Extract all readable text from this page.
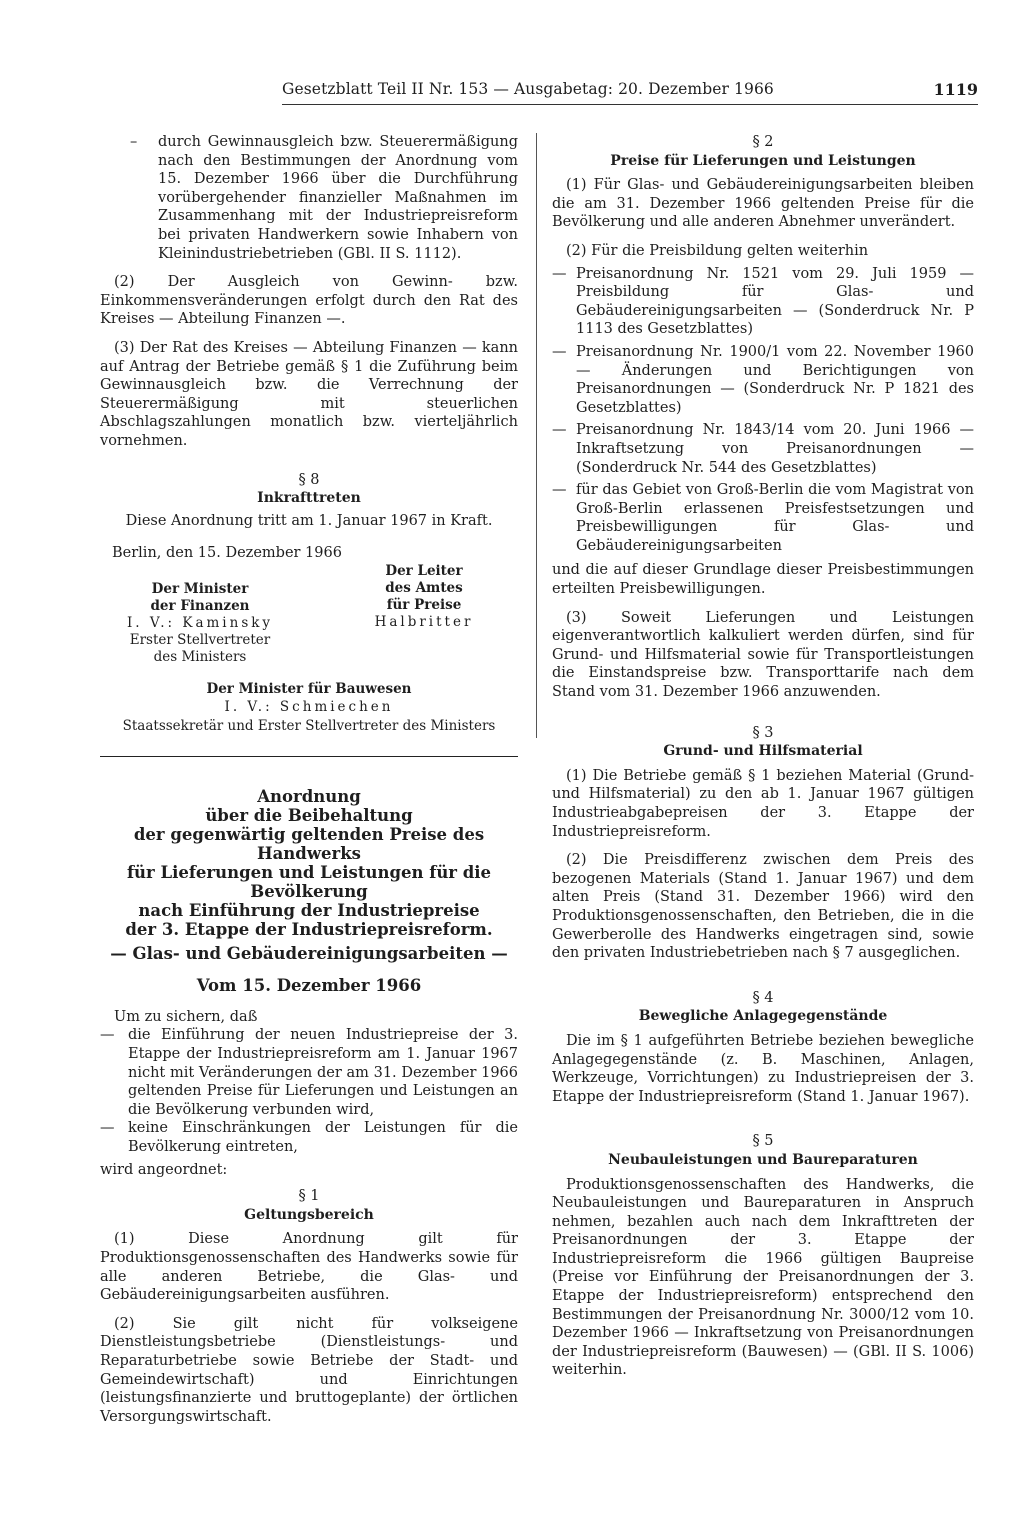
Gesetzblatt Teil II Nr. 153 — Ausgabetag: 20. Dezember 1966	1119

– durch Gewinnausgleich bzw. Steuerermäßigung nach den Bestimmungen der Anordnung vom 15. Dezember 1966 über die Durchführung vorübergehender finanzieller Maßnahmen im Zusammenhang mit der Industriepreisreform bei privaten Handwerkern sowie Inhabern von Kleinindustriebetrieben (GBl. II S. 1112).

(2) Der Ausgleich von Gewinn- bzw. Einkommensveränderungen erfolgt durch den Rat des Kreises — Abteilung Finanzen —.

(3) Der Rat des Kreises — Abteilung Finanzen — kann auf Antrag der Betriebe gemäß § 1 die Zuführung beim Gewinnausgleich bzw. die Verrechnung der Steuerermäßigung mit steuerlichen Abschlagszahlungen monatlich bzw. vierteljährlich vornehmen.

§ 8
Inkrafttreten

Diese Anordnung tritt am 1. Januar 1967 in Kraft.

Berlin, den 15. Dezember 1966

Der Minister
der Finanzen
I. V.: Kaminsky
Erster Stellvertreter
des Ministers
Der Leiter
des Amtes
für Preise
Halbritter
Der Minister für Bauwesen
I. V.: Schmiechen
Staatssekretär und Erster Stellvertreter des Ministers
Anordnung
über die Beibehaltung
der gegenwärtig geltenden Preise des Handwerks
für Lieferungen und Leistungen für die Bevölkerung
nach Einführung der Industriepreise
der 3. Etappe der Industriepreisreform.
— Glas- und Gebäudereinigungsarbeiten —
Vom 15. Dezember 1966

Um zu sichern, daß

— die Einführung der neuen Industriepreise der 3. Etappe der Industriepreisreform am 1. Januar 1967 nicht mit Veränderungen der am 31. Dezember 1966 geltenden Preise für Lieferungen und Leistungen an die Bevölkerung verbunden wird,

— keine Einschränkungen der Leistungen für die Bevölkerung eintreten,

wird angeordnet:

§ 1
Geltungsbereich

(1) Diese Anordnung gilt für Produktionsgenossenschaften des Handwerks sowie für alle anderen Betriebe, die Glas- und Gebäudereinigungsarbeiten ausführen.

(2) Sie gilt nicht für volkseigene Dienstleistungsbetriebe (Dienstleistungs- und Reparaturbetriebe sowie Betriebe der Stadt- und Gemeindewirtschaft) und Einrichtungen (leistungsfinanzierte und bruttogeplante) der örtlichen Versorgungswirtschaft.

§ 2
Preise für Lieferungen und Leistungen

(1) Für Glas- und Gebäudereinigungsarbeiten bleiben die am 31. Dezember 1966 geltenden Preise für die Bevölkerung und alle anderen Abnehmer unverändert.

(2) Für die Preisbildung gelten weiterhin

— Preisanordnung Nr. 1521 vom 29. Juli 1959 — Preisbildung für Glas- und Gebäudereinigungsarbeiten — (Sonderdruck Nr. P 1113 des Gesetzblattes)

— Preisanordnung Nr. 1900/1 vom 22. November 1960 — Änderungen und Berichtigungen von Preisanordnungen — (Sonderdruck Nr. P 1821 des Gesetzblattes)

— Preisanordnung Nr. 1843/14 vom 20. Juni 1966 — Inkraftsetzung von Preisanordnungen — (Sonderdruck Nr. 544 des Gesetzblattes)

— für das Gebiet von Groß-Berlin die vom Magistrat von Groß-Berlin erlassenen Preisfestsetzungen und Preisbewilligungen für Glas- und Gebäudereinigungsarbeiten

und die auf dieser Grundlage dieser Preisbestimmungen erteilten Preisbewilligungen.

(3) Soweit Lieferungen und Leistungen eigenverantwortlich kalkuliert werden dürfen, sind für Grund- und Hilfsmaterial sowie für Transportleistungen die Einstandspreise bzw. Transporttarife nach dem Stand vom 31. Dezember 1966 anzuwenden.

§ 3
Grund- und Hilfsmaterial

(1) Die Betriebe gemäß § 1 beziehen Material (Grund- und Hilfsmaterial) zu den ab 1. Januar 1967 gültigen Industrieabgabepreisen der 3. Etappe der Industriepreisreform.

(2) Die Preisdifferenz zwischen dem Preis des bezogenen Materials (Stand 1. Januar 1967) und dem alten Preis (Stand 31. Dezember 1966) wird den Produktionsgenossenschaften, den Betrieben, die in die Gewerberolle des Handwerks eingetragen sind, sowie den privaten Industriebetrieben nach § 7 ausgeglichen.

§ 4
Bewegliche Anlagegegenstände

Die im § 1 aufgeführten Betriebe beziehen bewegliche Anlagegegenstände (z. B. Maschinen, Anlagen, Werkzeuge, Vorrichtungen) zu Industriepreisen der 3. Etappe der Industriepreisreform (Stand 1. Januar 1967).

§ 5
Neubauleistungen und Baureparaturen

Produktionsgenossenschaften des Handwerks, die Neubauleistungen und Baureparaturen in Anspruch nehmen, bezahlen auch nach dem Inkrafttreten der Preisanordnungen der 3. Etappe der Industriepreisreform die 1966 gültigen Baupreise (Preise vor Einführung der Preisanordnungen der 3. Etappe der Industriepreisreform) entsprechend den Bestimmungen der Preisanordnung Nr. 3000/12 vom 10. Dezember 1966 — Inkraftsetzung von Preisanordnungen der Industriepreisreform (Bauwesen) — (GBl. II S. 1006) weiterhin.
